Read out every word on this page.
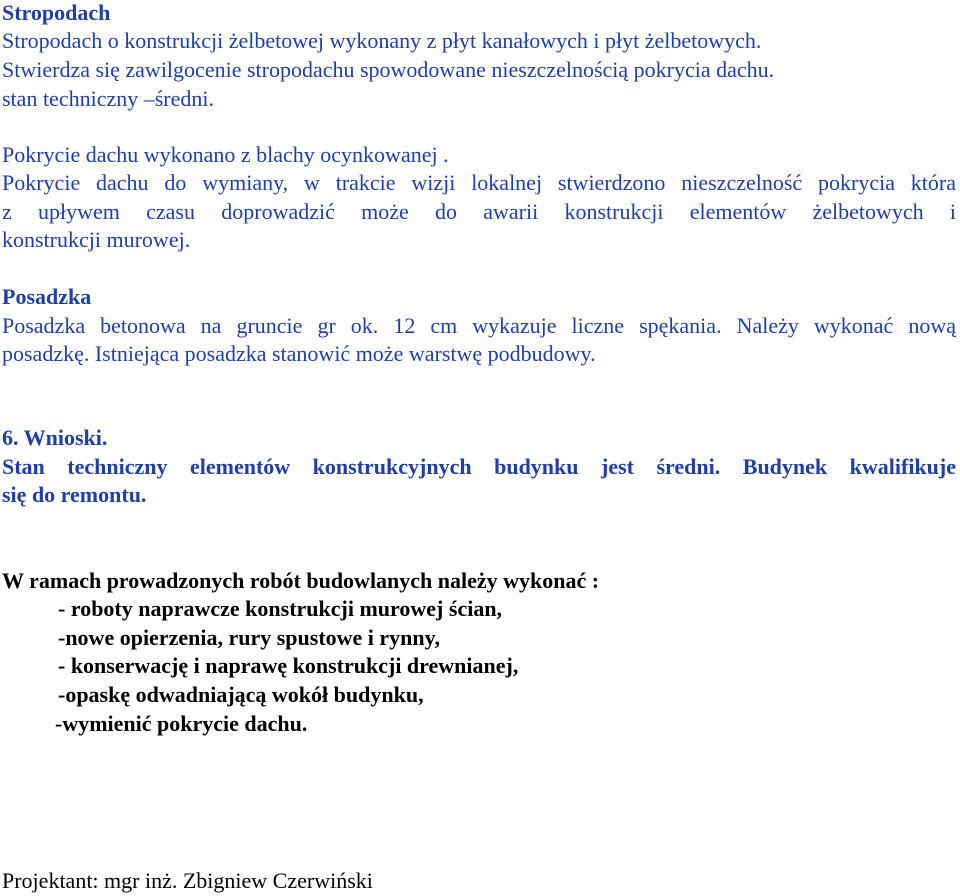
Stropodach
Stropodach o konstrukcji żelbetowej wykonany z płyt kanałowych i płyt żelbetowych.
Stwierdza się zawilgocenie stropodachu spowodowane nieszczelnością pokrycia dachu.
stan techniczny –średni.
Pokrycie dachu wykonano z blachy ocynkowanej .
Pokrycie dachu do wymiany, w trakcie wizji lokalnej stwierdzono nieszczelność pokrycia która
z upływem czasu doprowadzić może do awarii konstrukcji elementów żelbetowych i
konstrukcji murowej.
Posadzka
Posadzka betonowa na gruncie gr ok. 12 cm wykazuje liczne spękania. Należy wykonać nową
posadzkę. Istniejąca posadzka stanowić może warstwę podbudowy.
6. Wnioski.
Stan techniczny elementów konstrukcyjnych budynku jest średni. Budynek kwalifikuje
się do remontu.
W ramach prowadzonych robót budowlanych należy wykonać :
- roboty naprawcze konstrukcji murowej ścian,
-nowe opierzenia, rury spustowe i rynny,
- konserwację i naprawę konstrukcji drewnianej,
-opaskę odwadniającą wokół budynku,
-wymienić pokrycie dachu.
Projektant: mgr inż. Zbigniew Czerwiński
